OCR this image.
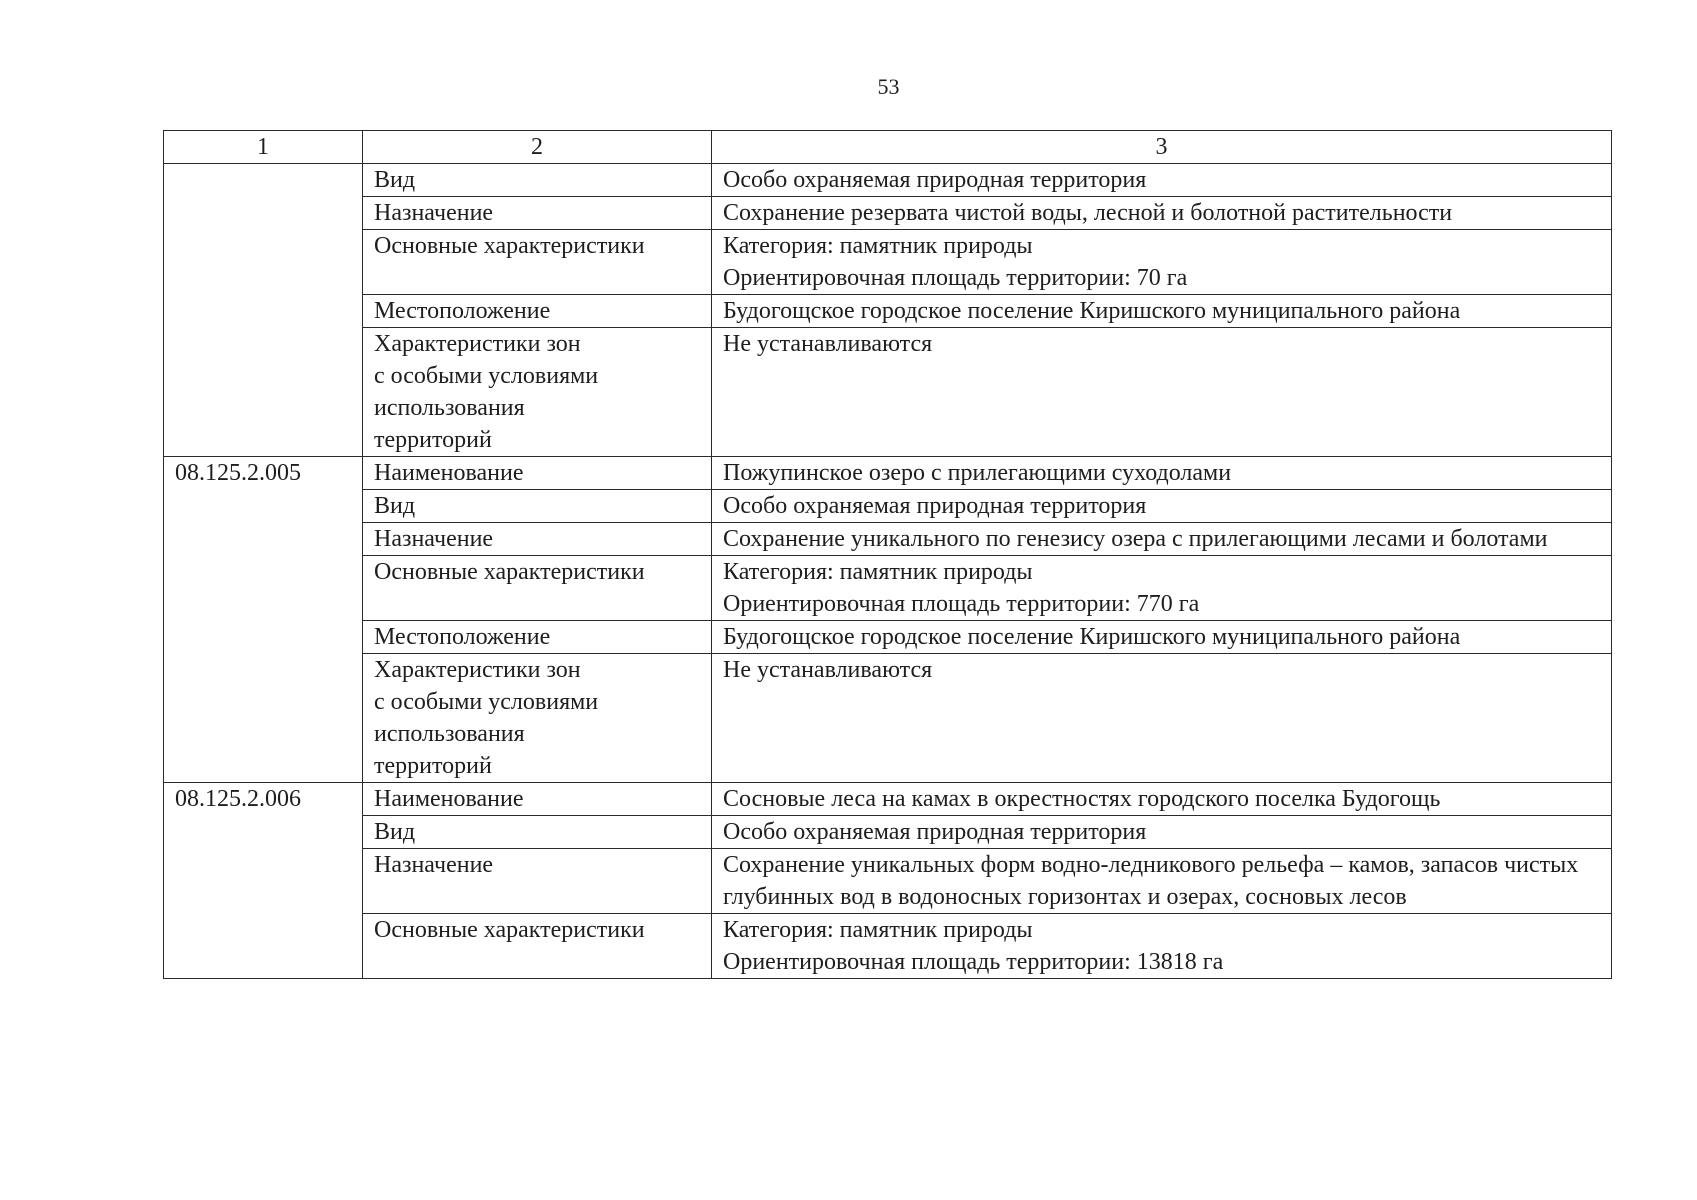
53
1	2	3

	Вид	Особо охраняемая природная территория

	Назначение	Сохранение резервата чистой воды, лесной и болотной растительности

	Основные характеристики	Категория: памятник природы
Ориентировочная площадь территории: 70 га

	Местоположение	Будогощское городское поселение Киришского муниципального района

	Характеристики зон
с особыми условиями
использования
территорий	Не устанавливаются

08.125.2.005	Наименование	Пожупинское озеро с прилегающими суходолами

	Вид	Особо охраняемая природная территория

	Назначение	Сохранение уникального по генезису озера с прилегающими лесами и болотами

	Основные характеристики	Категория: памятник природы
Ориентировочная площадь территории: 770 га

	Местоположение	Будогощское городское поселение Киришского муниципального района

	Характеристики зон
с особыми условиями
использования
территорий	Не устанавливаются

08.125.2.006	Наименование	Сосновые леса на камах в окрестностях городского поселка Будогощь

	Вид	Особо охраняемая природная территория

	Назначение	Сохранение уникальных форм водно-ледникового рельефа – камов, запасов чистых глубинных вод в водоносных горизонтах и озерах, сосновых лесов

	Основные характеристики	Категория: памятник природы
Ориентировочная площадь территории: 13818 га
